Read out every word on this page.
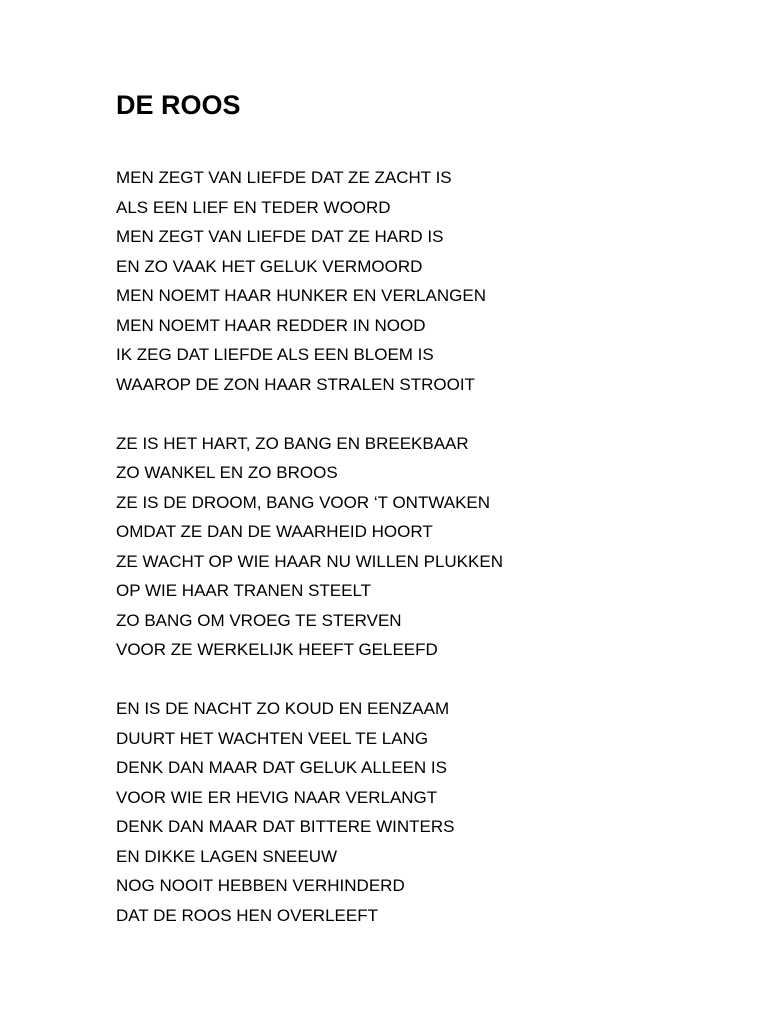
DE ROOS
MEN ZEGT VAN LIEFDE DAT ZE ZACHT IS
ALS EEN LIEF EN TEDER WOORD
MEN ZEGT VAN LIEFDE DAT ZE HARD IS
EN ZO VAAK HET GELUK VERMOORD
MEN NOEMT HAAR HUNKER EN VERLANGEN
MEN NOEMT HAAR REDDER IN NOOD
IK ZEG DAT LIEFDE ALS EEN BLOEM IS
WAAROP DE ZON HAAR STRALEN STROOIT
ZE IS HET HART, ZO BANG EN BREEKBAAR
ZO WANKEL EN ZO BROOS
ZE IS DE DROOM, BANG VOOR ‘T ONTWAKEN
OMDAT ZE DAN DE WAARHEID HOORT
ZE WACHT OP WIE HAAR NU WILLEN PLUKKEN
OP WIE HAAR TRANEN STEELT
ZO BANG OM VROEG TE STERVEN
VOOR ZE WERKELIJK HEEFT GELEEFD
EN IS DE NACHT ZO KOUD EN EENZAAM
DUURT HET WACHTEN VEEL TE LANG
DENK DAN MAAR DAT GELUK ALLEEN IS
VOOR WIE ER HEVIG NAAR VERLANGT
DENK DAN MAAR DAT BITTERE WINTERS
EN DIKKE LAGEN SNEEUW
NOG NOOIT HEBBEN VERHINDERD
DAT DE ROOS HEN OVERLEEFT
